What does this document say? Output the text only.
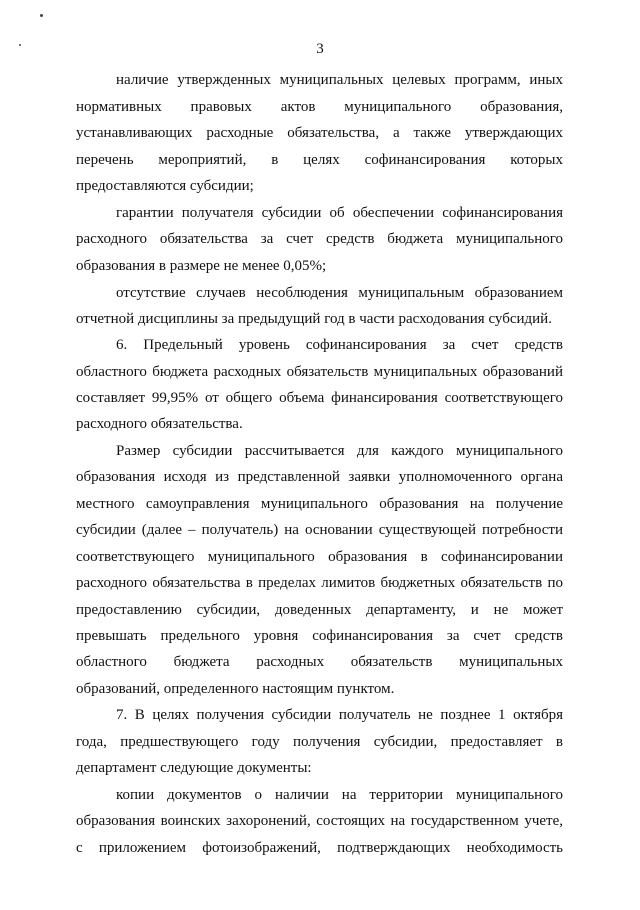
3
наличие утвержденных муниципальных целевых программ, иных
нормативных правовых актов муниципального образования,
устанавливающих расходные обязательства, а также утверждающих
перечень мероприятий, в целях софинансирования которых
предоставляются субсидии;
гарантии получателя субсидии об обеспечении софинансирования
расходного обязательства за счет средств бюджета муниципального
образования в размере не менее 0,05%;
отсутствие случаев несоблюдения муниципальным образованием
отчетной дисциплины за предыдущий год в части расходования субсидий.
6. Предельный уровень софинансирования за счет средств
областного бюджета расходных обязательств муниципальных образований
составляет 99,95% от общего объема финансирования соответствующего
расходного обязательства.
Размер субсидии рассчитывается для каждого муниципального
образования исходя из представленной заявки уполномоченного органа
местного самоуправления муниципального образования на получение
субсидии (далее – получатель) на основании существующей потребности
соответствующего муниципального образования в софинансировании
расходного обязательства в пределах лимитов бюджетных обязательств по
предоставлению субсидии, доведенных департаменту, и не может
превышать предельного уровня софинансирования за счет средств
областного бюджета расходных обязательств муниципальных
образований, определенного настоящим пунктом.
7. В целях получения субсидии получатель не позднее 1 октября
года, предшествующего году получения субсидии, предоставляет в
департамент следующие документы:
копии документов о наличии на территории муниципального
образования воинских захоронений, состоящих на государственном учете,
с приложением фотоизображений, подтверждающих необходимость
